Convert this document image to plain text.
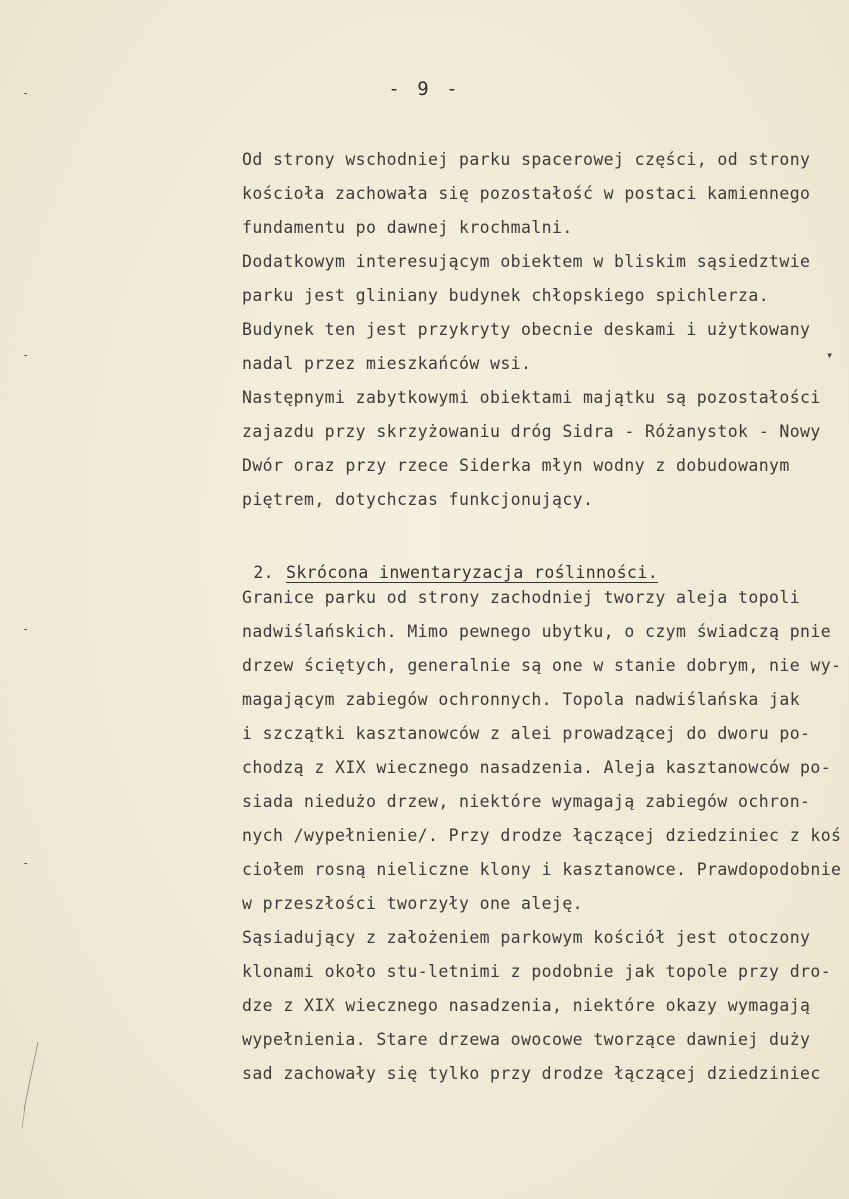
- 9 -
˗
˗
˗
˗
▾
Od strony wschodniej parku spacerowej części, od strony
kościoła zachowała się pozostałość w postaci kamiennego
fundamentu po dawnej krochmalni.
Dodatkowym interesującym obiektem w bliskim sąsiedztwie
parku jest gliniany budynek chłopskiego spichlerza.
Budynek ten jest przykryty obecnie deskami i użytkowany
nadal przez mieszkańców wsi.
Następnymi zabytkowymi obiektami majątku są pozostałości
zajazdu przy skrzyżowaniu dróg Sidra - Różanystok - Nowy
Dwór oraz przy rzece Siderka młyn wodny z dobudowanym
piętrem, dotychczas funkcjonujący.

2. Skrócona inwentaryzacja roślinności.

Granice parku od strony zachodniej tworzy aleja topoli
nadwiślańskich. Mimo pewnego ubytku, o czym świadczą pnie
drzew ściętych, generalnie są one w stanie dobrym, nie wy-
magającym zabiegów ochronnych. Topola nadwiślańska jak
i szczątki kasztanowców z alei prowadzącej do dworu po-
chodzą z XIX wiecznego nasadzenia. Aleja kasztanowców po-
siada niedużo drzew, niektóre wymagają zabiegów ochron-
nych /wypełnienie/. Przy drodze łączącej dziedziniec z koś
ciołem rosną nieliczne klony i kasztanowce. Prawdopodobnie
w przeszłości tworzyły one aleję.
Sąsiadujący z założeniem parkowym kościół jest otoczony
klonami około stu-letnimi z podobnie jak topole przy dro-
dze z XIX wiecznego nasadzenia, niektóre okazy wymagają
wypełnienia. Stare drzewa owocowe tworzące dawniej duży
sad zachowały się tylko przy drodze łączącej dziedziniec
